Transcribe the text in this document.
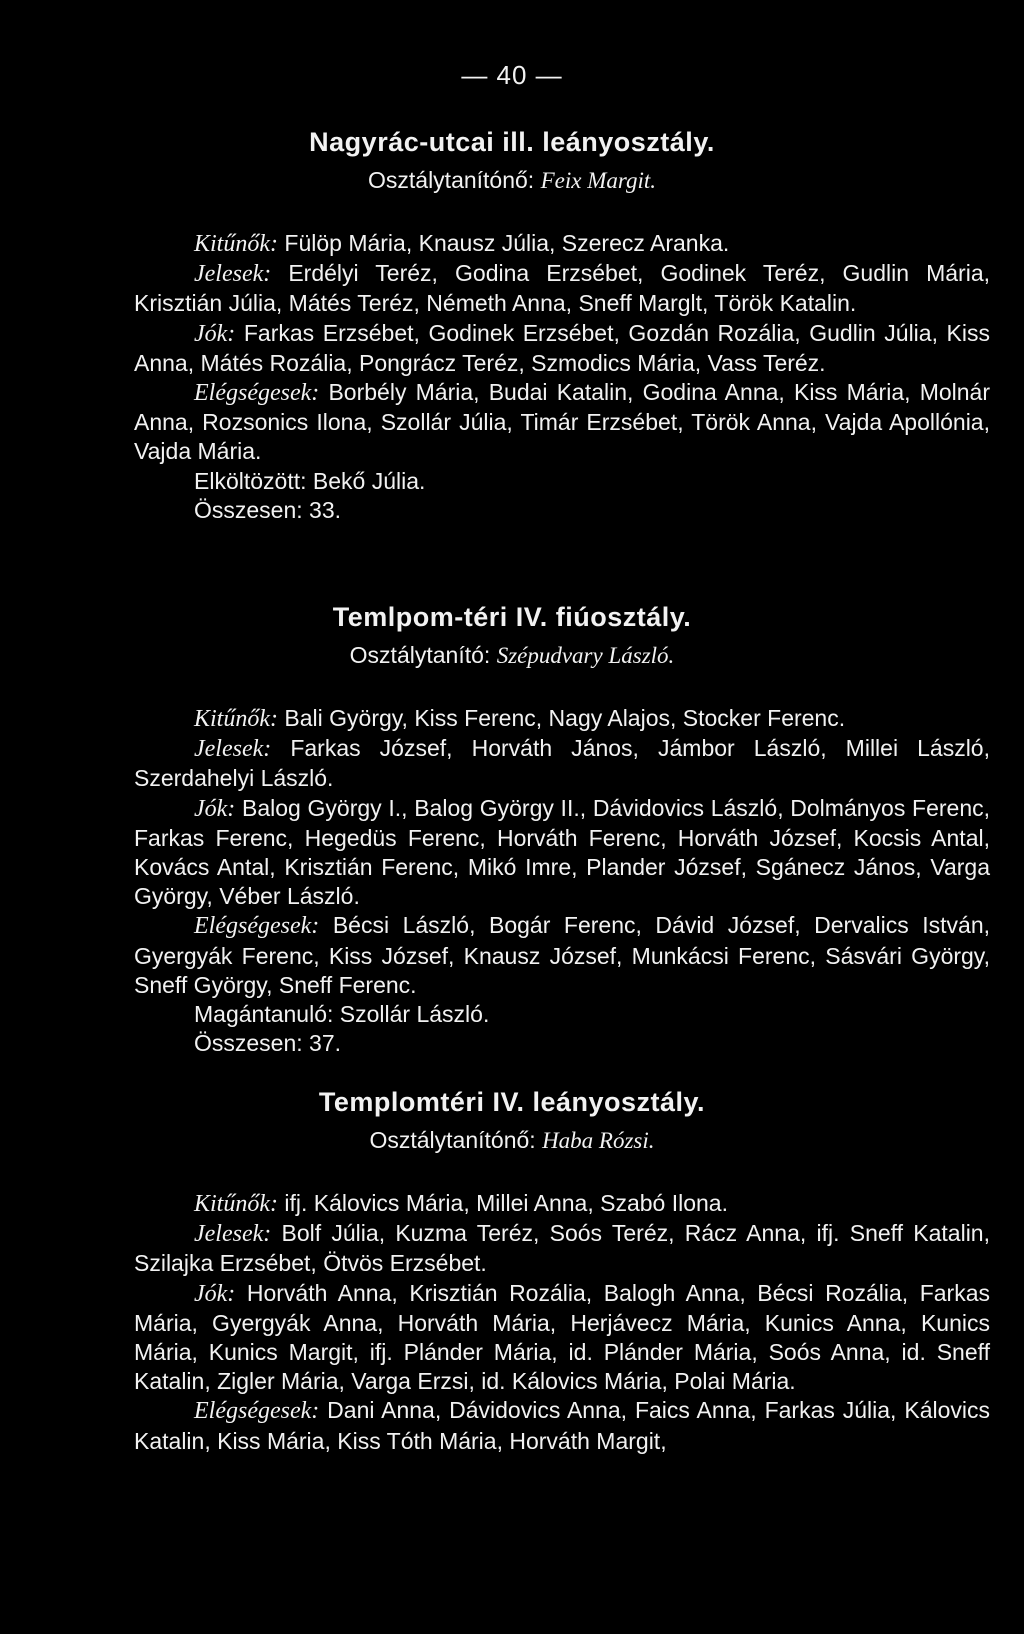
— 40 —
Nagyrác-utcai ill. leányosztály.
Osztálytanítónő: Feix Margit.

Kitűnők: Fülöp Mária, Knausz Júlia, Szerecz Aranka.

Jelesek: Erdélyi Teréz, Godina Erzsébet, Godinek Teréz, Gudlin Mária, Krisztián Júlia, Mátés Teréz, Németh Anna, Sneff Marglt, Török Katalin.

Jók: Farkas Erzsébet, Godinek Erzsébet, Gozdán Rozália, Gudlin Júlia, Kiss Anna, Mátés Rozália, Pongrácz Teréz, Szmodics Mária, Vass Teréz.

Elégségesek: Borbély Mária, Budai Katalin, Godina Anna, Kiss Mária, Molnár Anna, Rozsonics Ilona, Szollár Júlia, Timár Erzsébet, Török Anna, Vajda Apollónia, Vajda Mária.

Elköltözött: Bekő Júlia.
Összesen: 33.
Temlpom-téri IV. fiúosztály.
Osztálytanító: Szépudvary László.

Kitűnők: Bali György, Kiss Ferenc, Nagy Alajos, Stocker Ferenc.

Jelesek: Farkas József, Horváth János, Jámbor László, Millei László, Szerdahelyi László.

Jók: Balog György I., Balog György II., Dávidovics László, Dolmányos Ferenc, Farkas Ferenc, Hegedüs Ferenc, Horváth Ferenc, Horváth József, Kocsis Antal, Kovács Antal, Krisztián Ferenc, Mikó Imre, Plander József, Sgánecz János, Varga György, Véber László.

Elégségesek: Bécsi László, Bogár Ferenc, Dávid József, Dervalics István, Gyergyák Ferenc, Kiss József, Knausz József, Munkácsi Ferenc, Sásvári György, Sneff György, Sneff Ferenc.

Magántanuló: Szollár László.
Összesen: 37.
Templomtéri IV. leányosztály.
Osztálytanítónő: Haba Rózsi.

Kitűnők: ifj. Kálovics Mária, Millei Anna, Szabó Ilona.

Jelesek: Bolf Júlia, Kuzma Teréz, Soós Teréz, Rácz Anna, ifj. Sneff Katalin, Szilajka Erzsébet, Ötvös Erzsébet.

Jók: Horváth Anna, Krisztián Rozália, Balogh Anna, Bécsi Rozália, Farkas Mária, Gyergyák Anna, Horváth Mária, Herjávecz Mária, Kunics Anna, Kunics Mária, Kunics Margit, ifj. Plánder Mária, id. Plánder Mária, Soós Anna, id. Sneff Katalin, Zigler Mária, Varga Erzsi, id. Kálovics Mária, Polai Mária.

Elégségesek: Dani Anna, Dávidovics Anna, Faics Anna, Farkas Júlia, Kálovics Katalin, Kiss Mária, Kiss Tóth Mária, Horváth Margit,
